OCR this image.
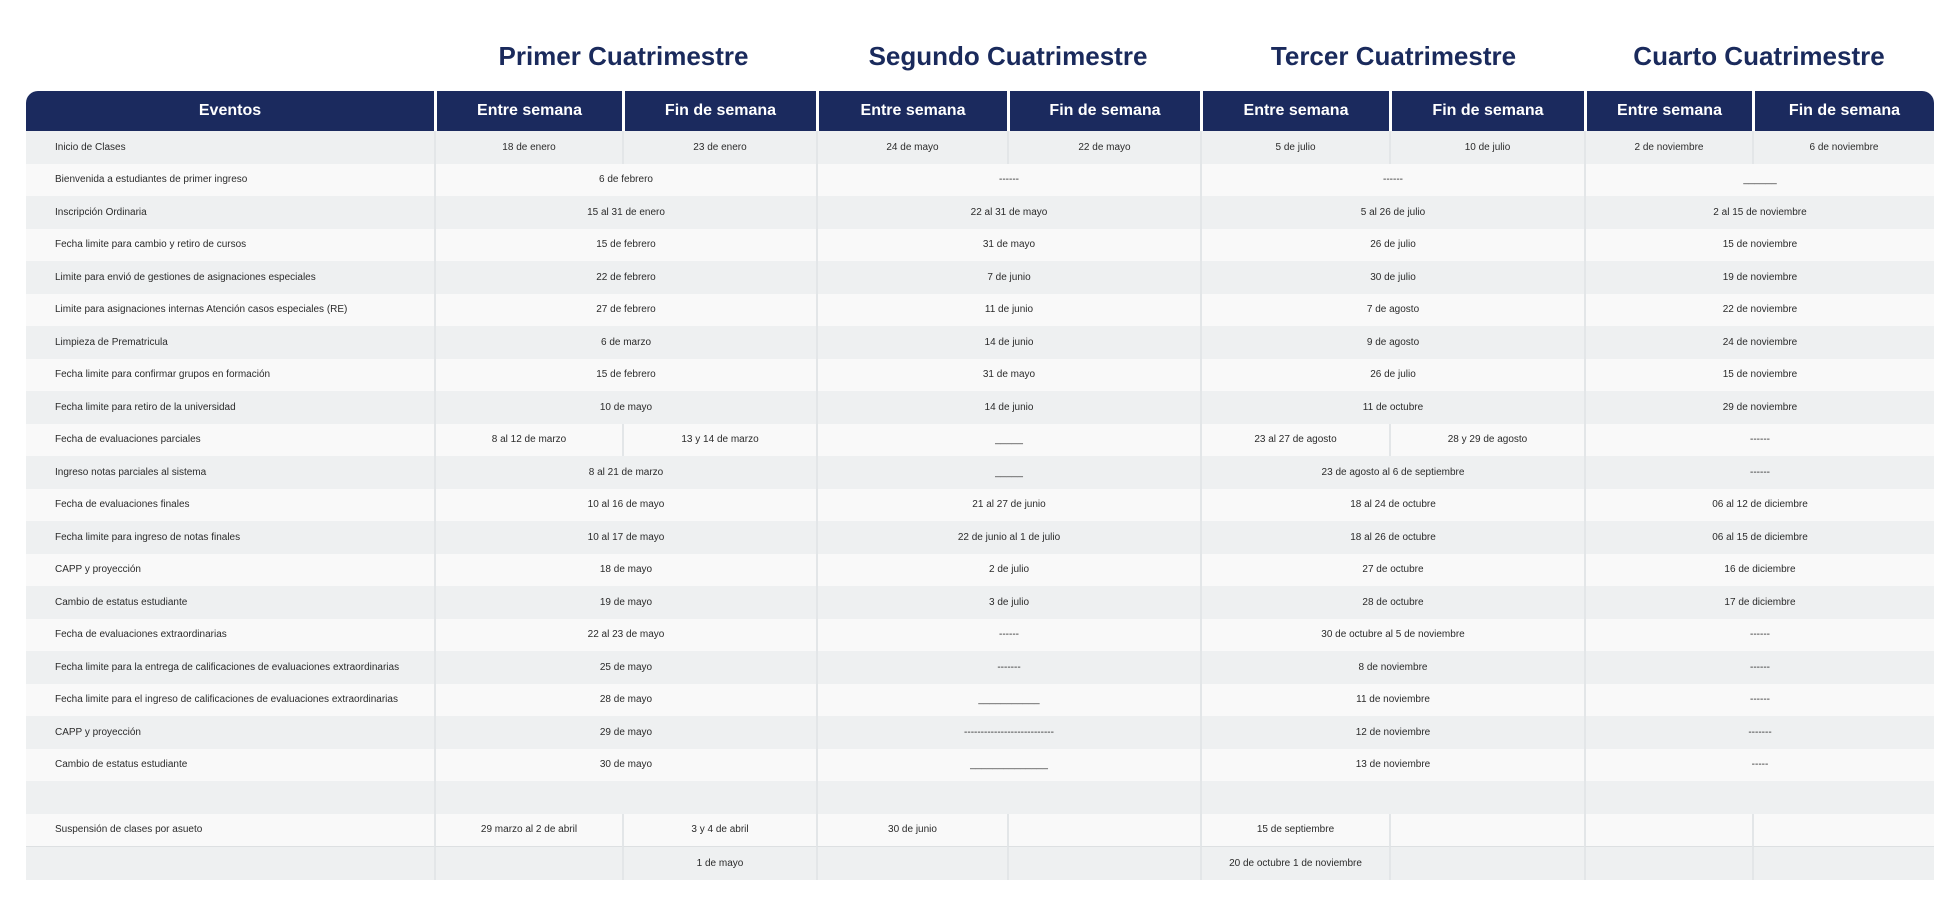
Primer Cuatrimestre	Segundo Cuatrimestre	Tercer Cuatrimestre	Cuarto Cuatrimestre
Eventos	Entre semana	Fin de semana	Entre semana	Fin de semana	Entre semana	Fin de semana	Entre semana	Fin de semana
Inicio de Clases	18 de enero	23 de enero	24 de mayo	22 de mayo	5 de julio	10 de julio	2 de noviembre	6 de noviembre
Bienvenida a estudiantes de primer ingreso	6 de febrero		------		------		______	
Inscripción Ordinaria	15 al 31 de enero		22 al 31 de mayo		5 al 26 de julio		2 al 15 de noviembre	
Fecha limite para cambio y retiro de cursos	15 de febrero		31 de mayo		26 de julio		15 de noviembre	
Limite para envió de gestiones de asignaciones especiales	22 de febrero		7 de junio		30 de julio		19 de noviembre	
Limite para asignaciones internas Atención casos especiales (RE)	27 de febrero		11 de junio		7 de agosto		22 de noviembre	
Limpieza de Prematricula	6 de marzo		14 de junio		9 de agosto		24 de noviembre	
Fecha limite para confirmar grupos en formación	15 de febrero		31 de mayo		26 de julio		15 de noviembre	
Fecha limite para retiro de la universidad	10 de mayo		14 de junio		11 de octubre		29 de noviembre	
Fecha de evaluaciones parciales	8 al 12 de marzo	13 y 14 de marzo	_____		23 al 27 de agosto	28 y 29 de agosto	------	
Ingreso notas parciales al sistema	8 al 21 de marzo		_____		23 de agosto al 6 de septiembre		------	
Fecha de evaluaciones finales	10 al 16 de mayo		21 al 27 de junio		18 al 24 de octubre		06 al 12 de diciembre	
Fecha limite para ingreso de notas finales	10 al 17 de mayo		22 de junio al 1 de julio		18 al 26 de octubre		06 al 15 de diciembre	
CAPP y proyección	18 de mayo		2 de julio		27 de octubre		16 de diciembre	
Cambio de estatus estudiante	19 de mayo		3 de julio		28 de octubre		17 de diciembre	
Fecha de evaluaciones extraordinarias	22 al 23 de mayo		------		30 de octubre al 5 de noviembre		------	
Fecha limite para la entrega de calificaciones de evaluaciones extraordinarias	25 de mayo		-------		8 de noviembre		------	
Fecha limite para el ingreso de calificaciones de evaluaciones extraordinarias	28 de mayo		___________		11 de noviembre		------	
CAPP y proyección	29 de mayo		---------------------------		12 de noviembre		-------	
Cambio de estatus estudiante	30 de mayo		______________		13 de noviembre		-----	

Suspensión de clases por asueto	29 marzo al 2 de abril	3 y 4 de abril	30 de junio		15 de septiembre			
		1 de mayo			20 de octubre 1 de noviembre			
